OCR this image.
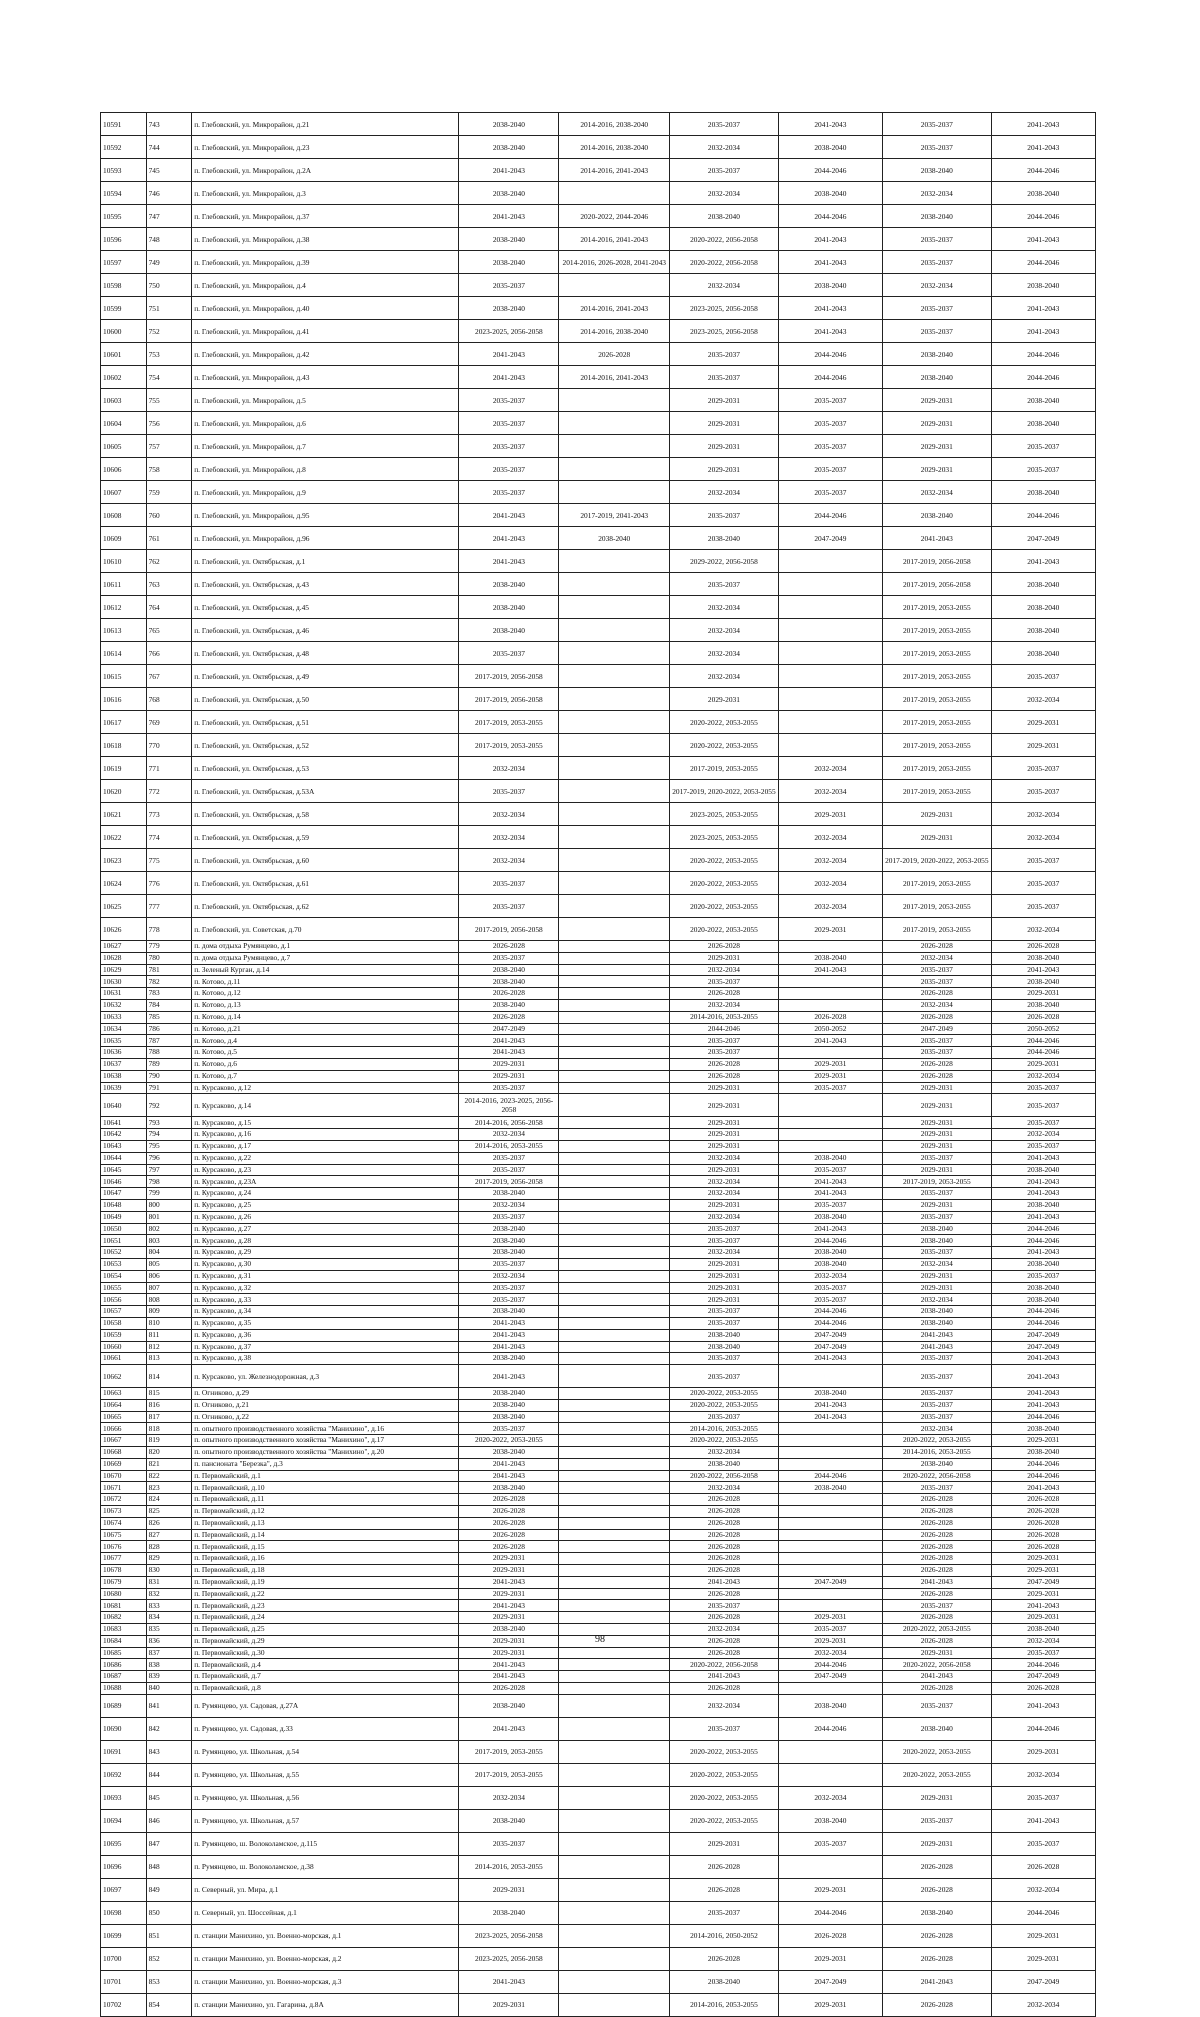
10591	743	п. Глебовский, ул. Микрорайон, д.21	2038-2040	2014-2016, 2038-2040	2035-2037	2041-2043	2035-2037	2041-2043
10592	744	п. Глебовский, ул. Микрорайон, д.23	2038-2040	2014-2016, 2038-2040	2032-2034	2038-2040	2035-2037	2041-2043
10593	745	п. Глебовский, ул. Микрорайон, д.2А	2041-2043	2014-2016, 2041-2043	2035-2037	2044-2046	2038-2040	2044-2046
10594	746	п. Глебовский, ул. Микрорайон, д.3	2038-2040		2032-2034	2038-2040	2032-2034	2038-2040
10595	747	п. Глебовский, ул. Микрорайон, д.37	2041-2043	2020-2022, 2044-2046	2038-2040	2044-2046	2038-2040	2044-2046
10596	748	п. Глебовский, ул. Микрорайон, д.38	2038-2040	2014-2016, 2041-2043	2020-2022, 2056-2058	2041-2043	2035-2037	2041-2043
10597	749	п. Глебовский, ул. Микрорайон, д.39	2038-2040	2014-2016, 2026-2028, 2041-2043	2020-2022, 2056-2058	2041-2043	2035-2037	2044-2046
10598	750	п. Глебовский, ул. Микрорайон, д.4	2035-2037		2032-2034	2038-2040	2032-2034	2038-2040
10599	751	п. Глебовский, ул. Микрорайон, д.40	2038-2040	2014-2016, 2041-2043	2023-2025, 2056-2058	2041-2043	2035-2037	2041-2043
10600	752	п. Глебовский, ул. Микрорайон, д.41	2023-2025, 2056-2058	2014-2016, 2038-2040	2023-2025, 2056-2058	2041-2043	2035-2037	2041-2043
10601	753	п. Глебовский, ул. Микрорайон, д.42	2041-2043	2026-2028	2035-2037	2044-2046	2038-2040	2044-2046
10602	754	п. Глебовский, ул. Микрорайон, д.43	2041-2043	2014-2016, 2041-2043	2035-2037	2044-2046	2038-2040	2044-2046
10603	755	п. Глебовский, ул. Микрорайон, д.5	2035-2037		2029-2031	2035-2037	2029-2031	2038-2040
10604	756	п. Глебовский, ул. Микрорайон, д.6	2035-2037		2029-2031	2035-2037	2029-2031	2038-2040
10605	757	п. Глебовский, ул. Микрорайон, д.7	2035-2037		2029-2031	2035-2037	2029-2031	2035-2037
10606	758	п. Глебовский, ул. Микрорайон, д.8	2035-2037		2029-2031	2035-2037	2029-2031	2035-2037
10607	759	п. Глебовский, ул. Микрорайон, д.9	2035-2037		2032-2034	2035-2037	2032-2034	2038-2040
10608	760	п. Глебовский, ул. Микрорайон, д.95	2041-2043	2017-2019, 2041-2043	2035-2037	2044-2046	2038-2040	2044-2046
10609	761	п. Глебовский, ул. Микрорайон, д.96	2041-2043	2038-2040	2038-2040	2047-2049	2041-2043	2047-2049
10610	762	п. Глебовский, ул. Октябрьская, д.1	2041-2043		2029-2022, 2056-2058		2017-2019, 2056-2058	2041-2043
10611	763	п. Глебовский, ул. Октябрьская, д.43	2038-2040		2035-2037		2017-2019, 2056-2058	2038-2040
10612	764	п. Глебовский, ул. Октябрьская, д.45	2038-2040		2032-2034		2017-2019, 2053-2055	2038-2040
10613	765	п. Глебовский, ул. Октябрьская, д.46	2038-2040		2032-2034		2017-2019, 2053-2055	2038-2040
10614	766	п. Глебовский, ул. Октябрьская, д.48	2035-2037		2032-2034		2017-2019, 2053-2055	2038-2040
10615	767	п. Глебовский, ул. Октябрьская, д.49	2017-2019, 2056-2058		2032-2034		2017-2019, 2053-2055	2035-2037
10616	768	п. Глебовский, ул. Октябрьская, д.50	2017-2019, 2056-2058		2029-2031		2017-2019, 2053-2055	2032-2034
10617	769	п. Глебовский, ул. Октябрьская, д.51	2017-2019, 2053-2055		2020-2022, 2053-2055		2017-2019, 2053-2055	2029-2031
10618	770	п. Глебовский, ул. Октябрьская, д.52	2017-2019, 2053-2055		2020-2022, 2053-2055		2017-2019, 2053-2055	2029-2031
10619	771	п. Глебовский, ул. Октябрьская, д.53	2032-2034		2017-2019, 2053-2055	2032-2034	2017-2019, 2053-2055	2035-2037
10620	772	п. Глебовский, ул. Октябрьская, д.53А	2035-2037		2017-2019, 2020-2022, 2053-2055	2032-2034	2017-2019, 2053-2055	2035-2037
10621	773	п. Глебовский, ул. Октябрьская, д.58	2032-2034		2023-2025, 2053-2055	2029-2031	2029-2031	2032-2034
10622	774	п. Глебовский, ул. Октябрьская, д.59	2032-2034		2023-2025, 2053-2055	2032-2034	2029-2031	2032-2034
10623	775	п. Глебовский, ул. Октябрьская, д.60	2032-2034		2020-2022, 2053-2055	2032-2034	2017-2019, 2020-2022, 2053-2055	2035-2037
10624	776	п. Глебовский, ул. Октябрьская, д.61	2035-2037		2020-2022, 2053-2055	2032-2034	2017-2019, 2053-2055	2035-2037
10625	777	п. Глебовский, ул. Октябрьская, д.62	2035-2037		2020-2022, 2053-2055	2032-2034	2017-2019, 2053-2055	2035-2037
10626	778	п. Глебовский, ул. Советская, д.70	2017-2019, 2056-2058		2020-2022, 2053-2055	2029-2031	2017-2019, 2053-2055	2032-2034
10627	779	п. дома отдыха Румянцево, д.1	2026-2028		2026-2028		2026-2028	2026-2028
10628	780	п. дома отдыха Румянцево, д.7	2035-2037		2029-2031	2038-2040	2032-2034	2038-2040
10629	781	п. Зеленый Курган, д.14	2038-2040		2032-2034	2041-2043	2035-2037	2041-2043
10630	782	п. Котово, д.11	2038-2040		2035-2037		2035-2037	2038-2040
10631	783	п. Котово, д.12	2026-2028		2026-2028		2026-2028	2029-2031
10632	784	п. Котово, д.13	2038-2040		2032-2034		2032-2034	2038-2040
10633	785	п. Котово, д.14	2026-2028		2014-2016, 2053-2055	2026-2028	2026-2028	2026-2028
10634	786	п. Котово, д.21	2047-2049		2044-2046	2050-2052	2047-2049	2050-2052
10635	787	п. Котово, д.4	2041-2043		2035-2037	2041-2043	2035-2037	2044-2046
10636	788	п. Котово, д.5	2041-2043		2035-2037		2035-2037	2044-2046
10637	789	п. Котово, д.6	2029-2031		2026-2028	2029-2031	2026-2028	2029-2031
10638	790	п. Котово, д.7	2029-2031		2026-2028	2029-2031	2026-2028	2032-2034
10639	791	п. Курсаково, д.12	2035-2037		2029-2031	2035-2037	2029-2031	2035-2037
10640	792	п. Курсаково, д.14	2014-2016, 2023-2025, 2056-2058		2029-2031		2029-2031	2035-2037
10641	793	п. Курсаково, д.15	2014-2016, 2056-2058		2029-2031		2029-2031	2035-2037
10642	794	п. Курсаково, д.16	2032-2034		2029-2031		2029-2031	2032-2034
10643	795	п. Курсаково, д.17	2014-2016, 2053-2055		2029-2031		2029-2031	2035-2037
10644	796	п. Курсаково, д.22	2035-2037		2032-2034	2038-2040	2035-2037	2041-2043
10645	797	п. Курсаково, д.23	2035-2037		2029-2031	2035-2037	2029-2031	2038-2040
10646	798	п. Курсаково, д.23А	2017-2019, 2056-2058		2032-2034	2041-2043	2017-2019, 2053-2055	2041-2043
10647	799	п. Курсаково, д.24	2038-2040		2032-2034	2041-2043	2035-2037	2041-2043
10648	800	п. Курсаково, д.25	2032-2034		2029-2031	2035-2037	2029-2031	2038-2040
10649	801	п. Курсаково, д.26	2035-2037		2032-2034	2038-2040	2035-2037	2041-2043
10650	802	п. Курсаково, д.27	2038-2040		2035-2037	2041-2043	2038-2040	2044-2046
10651	803	п. Курсаково, д.28	2038-2040		2035-2037	2044-2046	2038-2040	2044-2046
10652	804	п. Курсаково, д.29	2038-2040		2032-2034	2038-2040	2035-2037	2041-2043
10653	805	п. Курсаково, д.30	2035-2037		2029-2031	2038-2040	2032-2034	2038-2040
10654	806	п. Курсаково, д.31	2032-2034		2029-2031	2032-2034	2029-2031	2035-2037
10655	807	п. Курсаково, д.32	2035-2037		2029-2031	2035-2037	2029-2031	2038-2040
10656	808	п. Курсаково, д.33	2035-2037		2029-2031	2035-2037	2032-2034	2038-2040
10657	809	п. Курсаково, д.34	2038-2040		2035-2037	2044-2046	2038-2040	2044-2046
10658	810	п. Курсаково, д.35	2041-2043		2035-2037	2044-2046	2038-2040	2044-2046
10659	811	п. Курсаково, д.36	2041-2043		2038-2040	2047-2049	2041-2043	2047-2049
10660	812	п. Курсаково, д.37	2041-2043		2038-2040	2047-2049	2041-2043	2047-2049
10661	813	п. Курсаково, д.38	2038-2040		2035-2037	2041-2043	2035-2037	2041-2043
10662	814	п. Курсаково, ул. Железнодорожная, д.3	2041-2043		2035-2037		2035-2037	2041-2043
10663	815	п. Огниково, д.29	2038-2040		2020-2022, 2053-2055	2038-2040	2035-2037	2041-2043
10664	816	п. Огниково, д.21	2038-2040		2020-2022, 2053-2055	2041-2043	2035-2037	2041-2043
10665	817	п. Огниково, д.22	2038-2040		2035-2037	2041-2043	2035-2037	2044-2046
10666	818	п. опытного производственного хозяйства "Манихино", д.16	2035-2037		2014-2016, 2053-2055		2032-2034	2038-2040
10667	819	п. опытного производственного хозяйства "Манихино", д.17	2020-2022, 2053-2055		2020-2022, 2053-2055		2020-2022, 2053-2055	2029-2031
10668	820	п. опытного производственного хозяйства "Манихино", д.20	2038-2040		2032-2034		2014-2016, 2053-2055	2038-2040
10669	821	п. пансионата "Березка", д.3	2041-2043		2038-2040		2038-2040	2044-2046
10670	822	п. Первомайский, д.1	2041-2043		2020-2022, 2056-2058	2044-2046	2020-2022, 2056-2058	2044-2046
10671	823	п. Первомайский, д.10	2038-2040		2032-2034	2038-2040	2035-2037	2041-2043
10672	824	п. Первомайский, д.11	2026-2028		2026-2028		2026-2028	2026-2028
10673	825	п. Первомайский, д.12	2026-2028		2026-2028		2026-2028	2026-2028
10674	826	п. Первомайский, д.13	2026-2028		2026-2028		2026-2028	2026-2028
10675	827	п. Первомайский, д.14	2026-2028		2026-2028		2026-2028	2026-2028
10676	828	п. Первомайский, д.15	2026-2028		2026-2028		2026-2028	2026-2028
10677	829	п. Первомайский, д.16	2029-2031		2026-2028		2026-2028	2029-2031
10678	830	п. Первомайский, д.18	2029-2031		2026-2028		2026-2028	2029-2031
10679	831	п. Первомайский, д.19	2041-2043		2041-2043	2047-2049	2041-2043	2047-2049
10680	832	п. Первомайский, д.22	2029-2031		2026-2028		2026-2028	2029-2031
10681	833	п. Первомайский, д.23	2041-2043		2035-2037		2035-2037	2041-2043
10682	834	п. Первомайский, д.24	2029-2031		2026-2028	2029-2031	2026-2028	2029-2031
10683	835	п. Первомайский, д.25	2038-2040		2032-2034	2035-2037	2020-2022, 2053-2055	2038-2040
10684	836	п. Первомайский, д.29	2029-2031		2026-2028	2029-2031	2026-2028	2032-2034
10685	837	п. Первомайский, д.30	2029-2031		2026-2028	2032-2034	2029-2031	2035-2037
10686	838	п. Первомайский, д.4	2041-2043		2020-2022, 2056-2058	2044-2046	2020-2022, 2056-2058	2044-2046
10687	839	п. Первомайский, д.7	2041-2043		2041-2043	2047-2049	2041-2043	2047-2049
10688	840	п. Первомайский, д.8	2026-2028		2026-2028		2026-2028	2026-2028
10689	841	п. Румянцево, ул. Садовая, д.27А	2038-2040		2032-2034	2038-2040	2035-2037	2041-2043
10690	842	п. Румянцево, ул. Садовая, д.33	2041-2043		2035-2037	2044-2046	2038-2040	2044-2046
10691	843	п. Румянцево, ул. Школьная, д.54	2017-2019, 2053-2055		2020-2022, 2053-2055		2020-2022, 2053-2055	2029-2031
10692	844	п. Румянцево, ул. Школьная, д.55	2017-2019, 2053-2055		2020-2022, 2053-2055		2020-2022, 2053-2055	2032-2034
10693	845	п. Румянцево, ул. Школьная, д.56	2032-2034		2020-2022, 2053-2055	2032-2034	2029-2031	2035-2037
10694	846	п. Румянцево, ул. Школьная, д.57	2038-2040		2020-2022, 2053-2055	2038-2040	2035-2037	2041-2043
10695	847	п. Румянцево, ш. Волоколамское, д.115	2035-2037		2029-2031	2035-2037	2029-2031	2035-2037
10696	848	п. Румянцево, ш. Волоколамское, д.38	2014-2016, 2053-2055		2026-2028		2026-2028	2026-2028
10697	849	п. Северный, ул. Мира, д.1	2029-2031		2026-2028	2029-2031	2026-2028	2032-2034
10698	850	п. Северный, ул. Шоссейная, д.1	2038-2040		2035-2037	2044-2046	2038-2040	2044-2046
10699	851	п. станции Манихино, ул. Военно-морская, д.1	2023-2025, 2056-2058		2014-2016, 2050-2052	2026-2028	2026-2028	2029-2031
10700	852	п. станции Манихино, ул. Военно-морская, д.2	2023-2025, 2056-2058		2026-2028	2029-2031	2026-2028	2029-2031
10701	853	п. станции Манихино, ул. Военно-морская, д.3	2041-2043		2038-2040	2047-2049	2041-2043	2047-2049
10702	854	п. станции Манихино, ул. Гагарина, д.8А	2029-2031		2014-2016, 2053-2055	2029-2031	2026-2028	2032-2034
98
